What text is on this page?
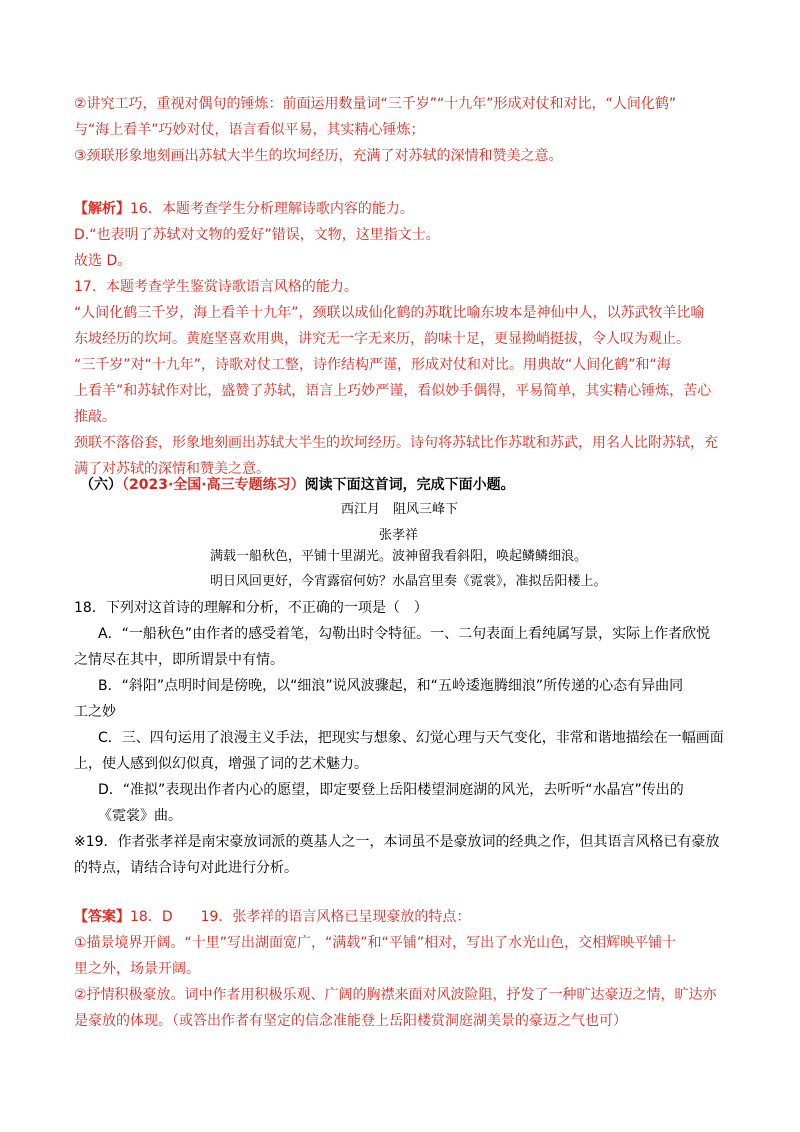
②讲究工巧，重视对偶句的锤炼：前面运用数量词“三千岁”“十九年”形成对仗和对比，“人间化鹤”
与“海上看羊”巧妙对仗，语言看似平易，其实精心锤炼；
③颈联形象地刻画出苏轼大半生的坎坷经历，充满了对苏轼的深情和赞美之意。
【解析】16．本题考查学生分析理解诗歌内容的能力。
D.“也表明了苏轼对文物的爱好”错误，文物，这里指文士。
故选 D。
17．本题考查学生鉴赏诗歌语言风格的能力。
“人间化鹤三千岁，海上看羊十九年”，颈联以成仙化鹤的苏耽比喻东坡本是神仙中人，以苏武牧羊比喻
东坡经历的坎坷。黄庭坚喜欢用典，讲究无一字无来历，韵味十足，更显拗峭挺拔，令人叹为观止。
“三千岁”对“十九年”，诗歌对仗工整，诗作结构严谨，形成对仗和对比。用典故“人间化鹤”和“海
上看羊”和苏轼作对比，盛赞了苏轼，语言上巧妙严谨，看似妙手偶得，平易简单，其实精心锤炼，苦心
推敲。
颈联不落俗套，形象地刻画出苏轼大半生的坎坷经历。诗句将苏轼比作苏耽和苏武，用名人比附苏轼，充
满了对苏轼的深情和赞美之意。
（六）（2023·全国·高三专题练习）阅读下面这首词，完成下面小题。
西江月　阻风三峰下
张孝祥
满载一船秋色，平铺十里湖光。波神留我看斜阳，唤起鳞鳞细浪。
明日风回更好，今宵露宿何妨？水晶宫里奏《霓裳》，准拟岳阳楼上。
18．下列对这首诗的理解和分析，不正确的一项是（　）
A．“一船秋色”由作者的感受着笔，勾勒出时令特征。一、二句表面上看纯属写景，实际上作者欣悦
之情尽在其中，即所谓景中有情。
B．“斜阳”点明时间是傍晚，以“细浪”说风波骤起，和“五岭逶迤腾细浪”所传递的心态有异曲同
工之妙
C．三、四句运用了浪漫主义手法，把现实与想象、幻觉心理与天气变化，非常和谐地描绘在一幅画面
上，使人感到似幻似真，增强了词的艺术魅力。
D．“准拟”表现出作者内心的愿望，即定要登上岳阳楼望洞庭湖的风光，去听听“水晶宫”传出的
《霓裳》曲。
※19．作者张孝祥是南宋豪放词派的奠基人之一，本词虽不是豪放词的经典之作，但其语言风格已有豪放
的特点，请结合诗句对此进行分析。
【答案】18．D　　19．张孝祥的语言风格已呈现豪放的特点：
①描景境界开阔。“十里”写出湖面宽广，“满载”和“平铺”相对，写出了水光山色，交相辉映平铺十
里之外，场景开阔。
②抒情积极豪放。词中作者用积极乐观、广阔的胸襟来面对风波险阻，抒发了一种旷达豪迈之情，旷达亦
是豪放的体现。（或答出作者有坚定的信念准能登上岳阳楼赏洞庭湖美景的豪迈之气也可）
